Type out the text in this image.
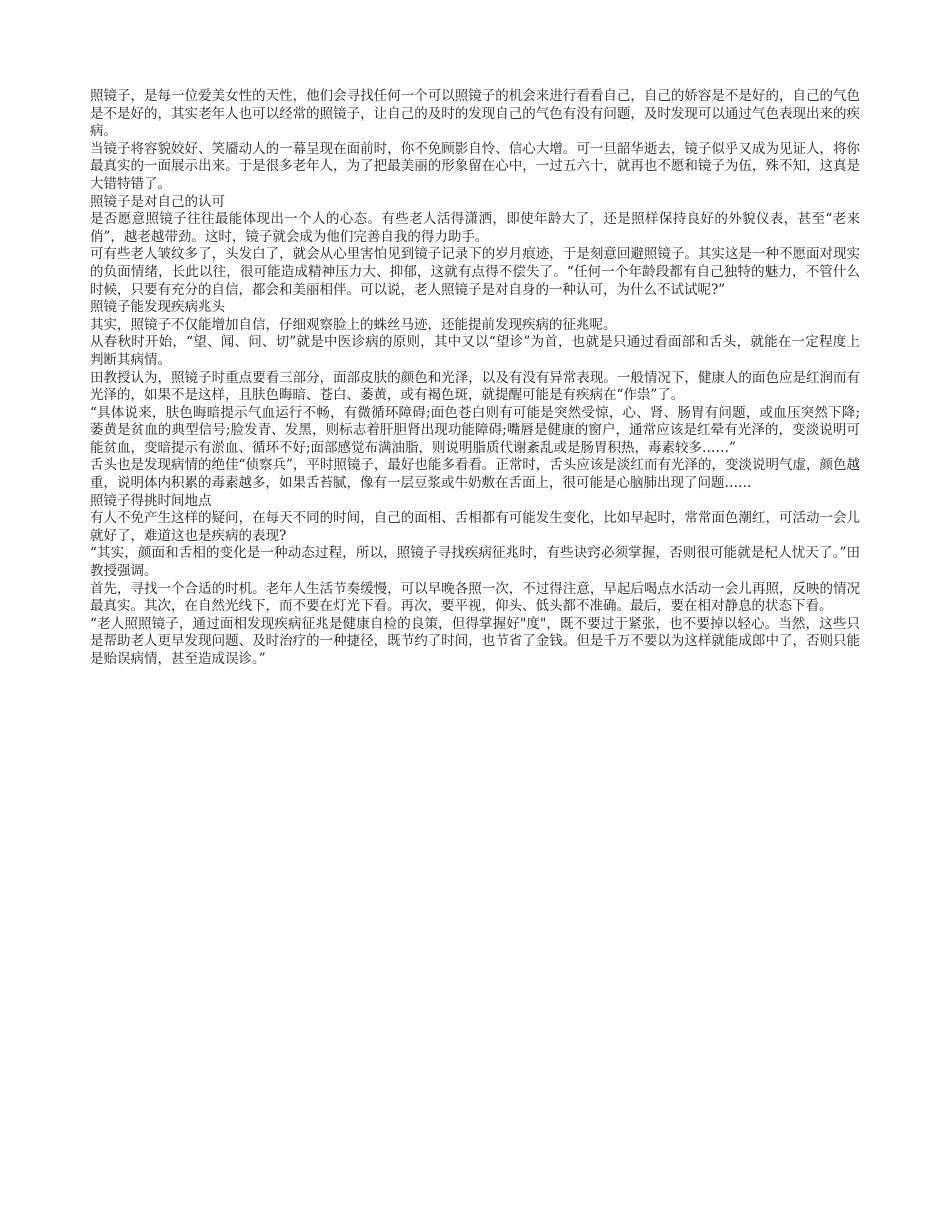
照镜子，是每一位爱美女性的天性，他们会寻找任何一个可以照镜子的机会来进行看看自己，自己的娇容是不是好的，自己的气色是不是好的，其实老年人也可以经常的照镜子，让自己的及时的发现自己的气色有没有问题，及时发现可以通过气色表现出来的疾病。

当镜子将容貌姣好、笑靥动人的一幕呈现在面前时，你不免顾影自怜、信心大增。可一旦韶华逝去，镜子似乎又成为见证人，将你最真实的一面展示出来。于是很多老年人，为了把最美丽的形象留在心中，一过五六十，就再也不愿和镜子为伍，殊不知，这真是大错特错了。

照镜子是对自己的认可

是否愿意照镜子往往最能体现出一个人的心态。有些老人活得潇洒，即使年龄大了，还是照样保持良好的外貌仪表，甚至“老来俏”，越老越带劲。这时，镜子就会成为他们完善自我的得力助手。

可有些老人皱纹多了，头发白了，就会从心里害怕见到镜子记录下的岁月痕迹，于是刻意回避照镜子。其实这是一种不愿面对现实的负面情绪，长此以往，很可能造成精神压力大、抑郁，这就有点得不偿失了。“任何一个年龄段都有自己独特的魅力，不管什么时候，只要有充分的自信，都会和美丽相伴。可以说，老人照镜子是对自身的一种认可，为什么不试试呢?”

照镜子能发现疾病兆头

其实，照镜子不仅能增加自信，仔细观察脸上的蛛丝马迹，还能提前发现疾病的征兆呢。

从春秋时开始，“望、闻、问、切”就是中医诊病的原则，其中又以“望诊”为首，也就是只通过看面部和舌头，就能在一定程度上判断其病情。

田教授认为，照镜子时重点要看三部分，面部皮肤的颜色和光泽，以及有没有异常表现。一般情况下，健康人的面色应是红润而有光泽的，如果不是这样，且肤色晦暗、苍白、萎黄，或有褐色斑，就提醒可能是有疾病在“作祟”了。

“具体说来，肤色晦暗提示气血运行不畅，有微循环障碍;面色苍白则有可能是突然受惊，心、肾、肠胃有问题，或血压突然下降;萎黄是贫血的典型信号;脸发青、发黑，则标志着肝胆肾出现功能障碍;嘴唇是健康的窗户，通常应该是红晕有光泽的，变淡说明可能贫血，变暗提示有淤血、循环不好;面部感觉布满油脂，则说明脂质代谢紊乱或是肠胃积热，毒素较多……”

舌头也是发现病情的绝佳“侦察兵”，平时照镜子，最好也能多看看。正常时，舌头应该是淡红而有光泽的，变淡说明气虚，颜色越重，说明体内积累的毒素越多，如果舌苔腻，像有一层豆浆或牛奶敷在舌面上，很可能是心脑肺出现了问题……

照镜子得挑时间地点

有人不免产生这样的疑问，在每天不同的时间，自己的面相、舌相都有可能发生变化，比如早起时，常常面色潮红，可活动一会儿就好了，难道这也是疾病的表现?

“其实，颜面和舌相的变化是一种动态过程，所以，照镜子寻找疾病征兆时，有些诀窍必须掌握，否则很可能就是杞人忧天了。”田教授强调。

首先，寻找一个合适的时机。老年人生活节奏缓慢，可以早晚各照一次，不过得注意，早起后喝点水活动一会儿再照，反映的情况最真实。其次，在自然光线下，而不要在灯光下看。再次，要平视，仰头、低头都不准确。最后，要在相对静息的状态下看。

“老人照照镜子，通过面相发现疾病征兆是健康自检的良策，但得掌握好"度"，既不要过于紧张，也不要掉以轻心。当然，这些只是帮助老人更早发现问题、及时治疗的一种捷径，既节约了时间，也节省了金钱。但是千万不要以为这样就能成郎中了，否则只能是贻误病情，甚至造成误诊。”
